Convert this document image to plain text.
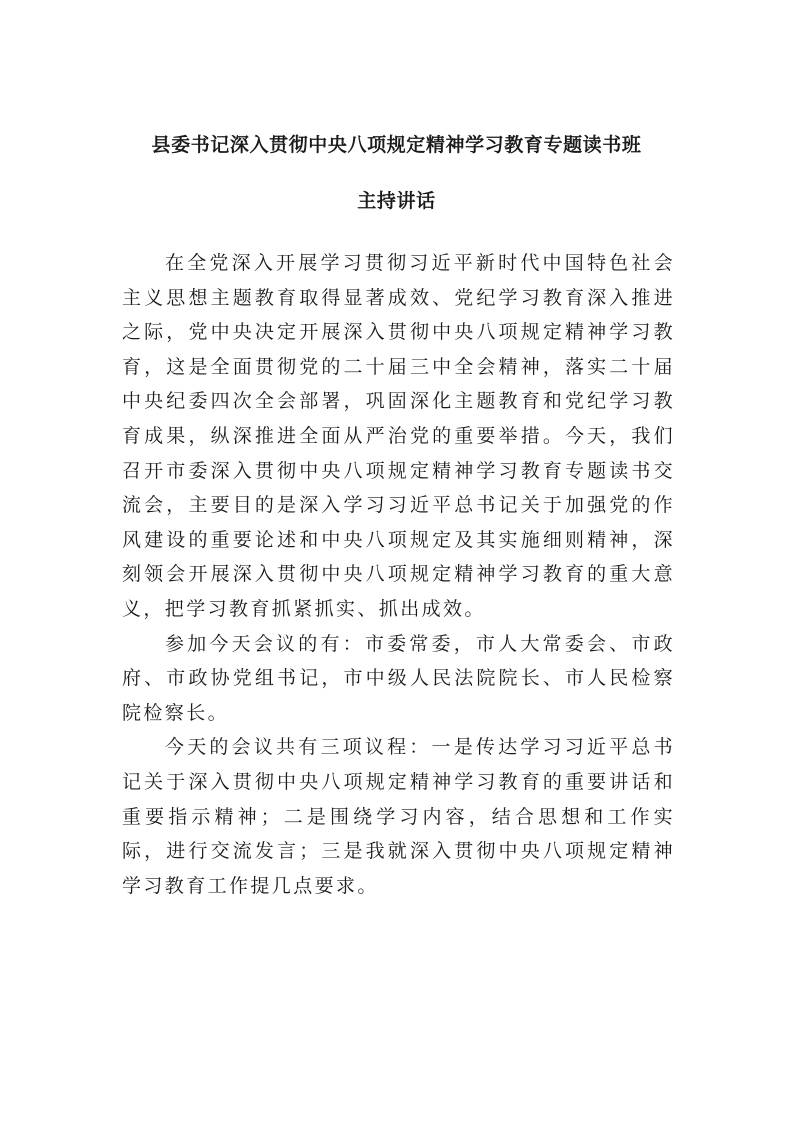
县委书记深入贯彻中央八项规定精神学习教育专题读书班
主持讲话

在全党深入开展学习贯彻习近平新时代中国特色社会主义思想主题教育取得显著成效、党纪学习教育深入推进之际，党中央决定开展深入贯彻中央八项规定精神学习教育，这是全面贯彻党的二十届三中全会精神，落实二十届中央纪委四次全会部署，巩固深化主题教育和党纪学习教育成果，纵深推进全面从严治党的重要举措。今天，我们召开市委深入贯彻中央八项规定精神学习教育专题读书交流会，主要目的是深入学习习近平总书记关于加强党的作风建设的重要论述和中央八项规定及其实施细则精神，深刻领会开展深入贯彻中央八项规定精神学习教育的重大意义，把学习教育抓紧抓实、抓出成效。

参加今天会议的有：市委常委，市人大常委会、市政府、市政协党组书记，市中级人民法院院长、市人民检察院检察长。

今天的会议共有三项议程：一是传达学习习近平总书记关于深入贯彻中央八项规定精神学习教育的重要讲话和重要指示精神；二是围绕学习内容，结合思想和工作实际，进行交流发言；三是我就深入贯彻中央八项规定精神学习教育工作提几点要求。
